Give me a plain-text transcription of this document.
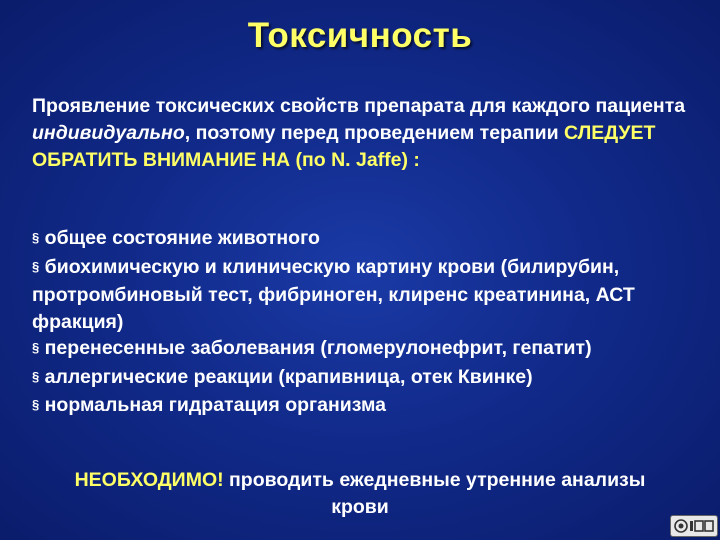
Токсичность
Проявление токсических свойств препарата для каждого пациента индивидуально, поэтому перед проведением терапии СЛЕДУЕТ ОБРАТИТЬ ВНИМАНИЕ НА (по N. Jaffe) :
§ общее состояние животного
§ биохимическую и клиническую картину крови (билирубин, протромбиновый тест, фибриноген, клиренс креатинина, АСТ фракция)
§ перенесенные заболевания (гломерулонефрит, гепатит)
§ аллергические реакции (крапивница, отек Квинке)
§ нормальная гидратация организма
НЕОБХОДИМО! проводить ежедневные утренние анализы крови
